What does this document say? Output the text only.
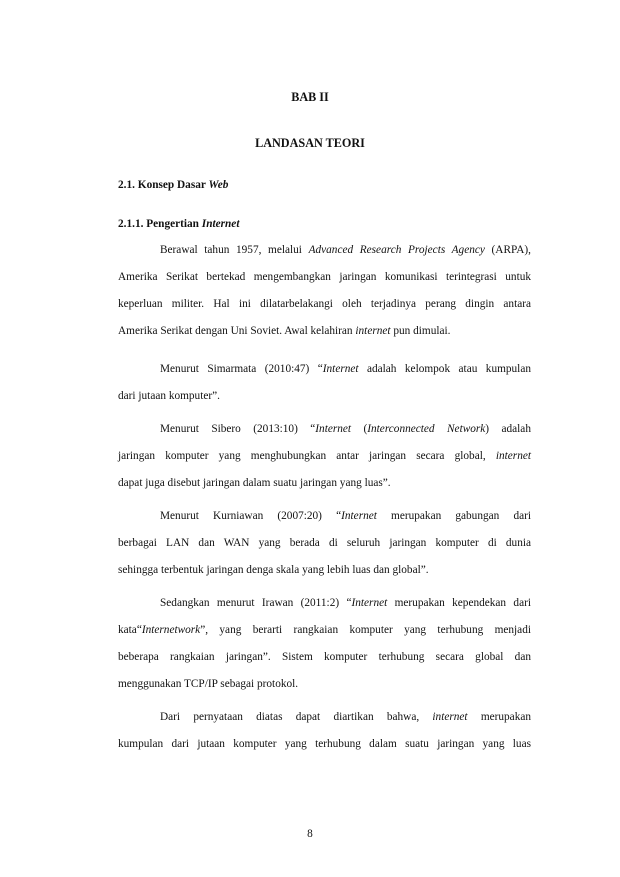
BAB II
LANDASAN TEORI
2.1. Konsep Dasar Web
2.1.1. Pengertian Internet
Berawal tahun 1957, melalui Advanced Research Projects Agency (ARPA),
Amerika Serikat bertekad mengembangkan jaringan komunikasi terintegrasi untuk
keperluan militer. Hal ini dilatarbelakangi oleh terjadinya perang dingin antara
Amerika Serikat dengan Uni Soviet. Awal kelahiran internet pun dimulai.
Menurut Simarmata (2010:47) “Internet adalah kelompok atau kumpulan
dari jutaan komputer”.
Menurut Sibero (2013:10) “Internet (Interconnected Network) adalah
jaringan komputer yang menghubungkan antar jaringan secara global, internet
dapat juga disebut jaringan dalam suatu jaringan yang luas”.
Menurut Kurniawan (2007:20) “Internet merupakan gabungan dari
berbagai LAN dan WAN yang berada di seluruh jaringan komputer di dunia
sehingga terbentuk jaringan denga skala yang lebih luas dan global”.
Sedangkan menurut Irawan (2011:2) “Internet merupakan kependekan dari
kata“Internetwork”, yang berarti rangkaian komputer yang terhubung menjadi
beberapa rangkaian jaringan”. Sistem komputer terhubung secara global dan
menggunakan TCP/IP sebagai protokol.
Dari pernyataan diatas dapat diartikan bahwa, internet merupakan
kumpulan dari jutaan komputer yang terhubung dalam suatu jaringan yang luas
8
